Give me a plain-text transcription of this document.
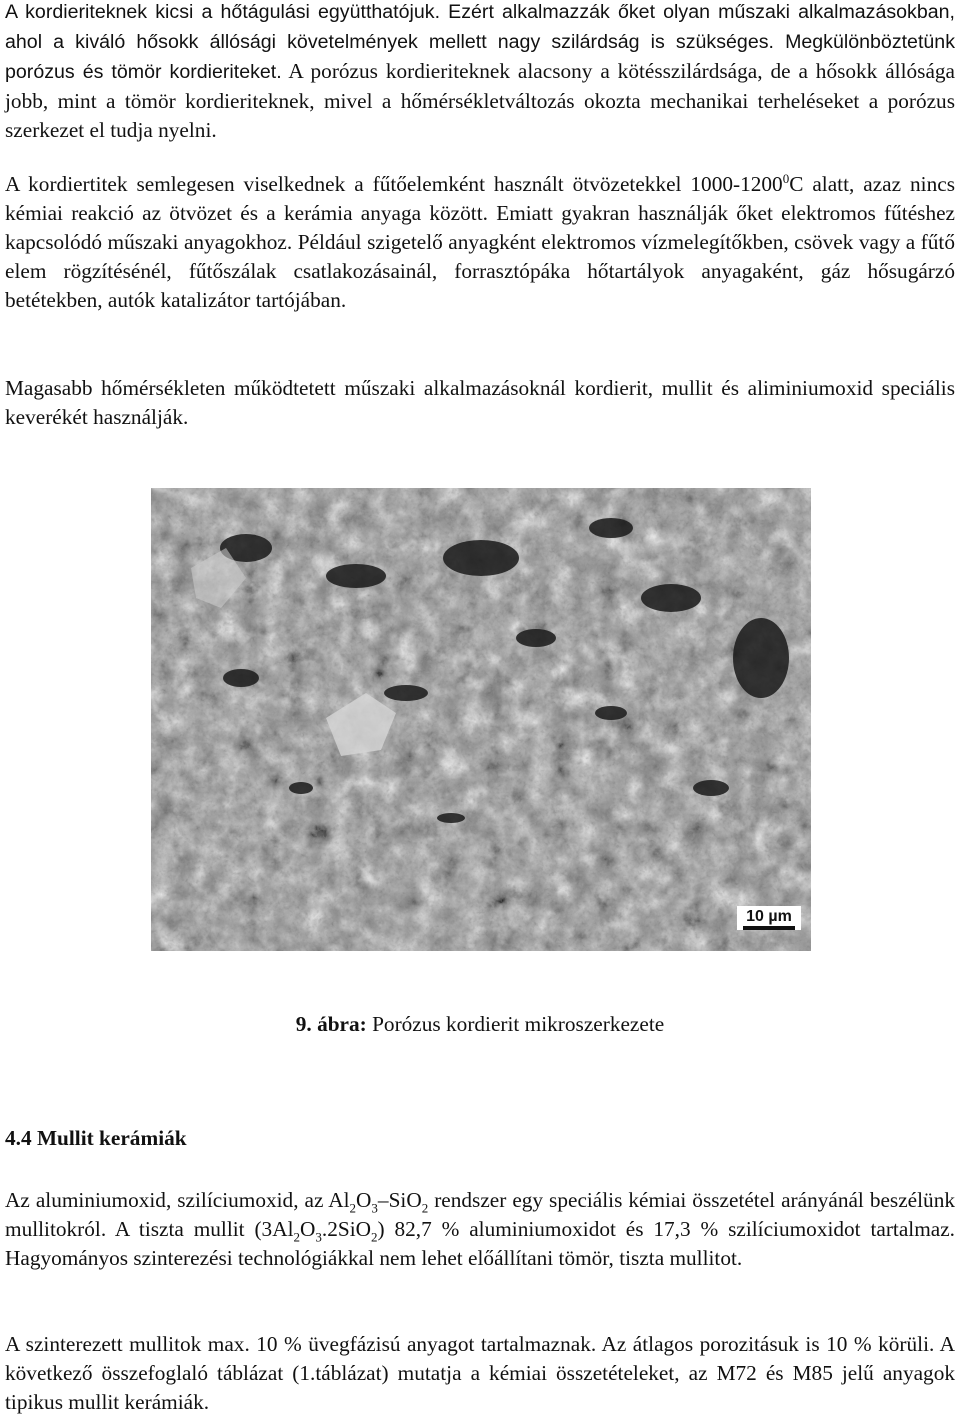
A kordieriteknek kicsi a hőtágulási együtthatójuk. Ezért alkalmazzák őket olyan műszaki alkalmazásokban, ahol a kiváló hősokk állósági követelmények mellett nagy szilárdság is szükséges. Megkülönböztetünk porózus és tömör kordieriteket. A porózus kordieriteknek alacsony a kötésszilárdsága, de a hősokk állósága jobb, mint a tömör kordieriteknek, mivel a hőmérsékletváltozás okozta mechanikai terheléseket a porózus szerkezet el tudja nyelni.

A kordiertitek semlegesen viselkednek a fűtőelemként használt ötvözetekkel 1000-1200$^0$C alatt, azaz nincs kémiai reakció az ötvözet és a kerámia anyaga között. Emiatt gyakran használják őket elektromos fűtéshez kapcsolódó műszaki anyagokhoz. Például szigetelő anyagként elektromos vízmelegítőkben, csövek vagy a fűtő elem rögzítésénél, fűtőszálak csatlakozásainál, forrasztópáka hőtartályok anyagaként, gáz hősugárzó betétekben, autók katalizátor tartójában.

Magasabb hőmérsékleten működtetett műszaki alkalmazásoknál kordierit, mullit és aliminiumoxid speciális keverékét használják.

10 µm

9. ábra: Porózus kordierit mikroszerkezete

4.4 Mullit kerámiák

Az aluminiumoxid, szilíciumoxid, az $Al_2O_3-SiO_2$ rendszer egy speciális kémiai összetétel arányánál beszélünk mullitokról. A tiszta mullit $(3Al_2O_3.2SiO_2)$ 82,7 % aluminiumoxidot és 17,3 % szilíciumoxidot tartalmaz. Hagyományos szinterezési technológiákkal nem lehet előállítani tömör, tiszta mullitot.

A szinterezett mullitok max. 10 % üvegfázisú anyagot tartalmaznak. Az átlagos porozitásuk is 10 % körüli. A következő összefoglaló táblázat (1.táblázat) mutatja a kémiai összetételeket, az M72 és M85 jelű anyagok tipikus mullit kerámiák.
